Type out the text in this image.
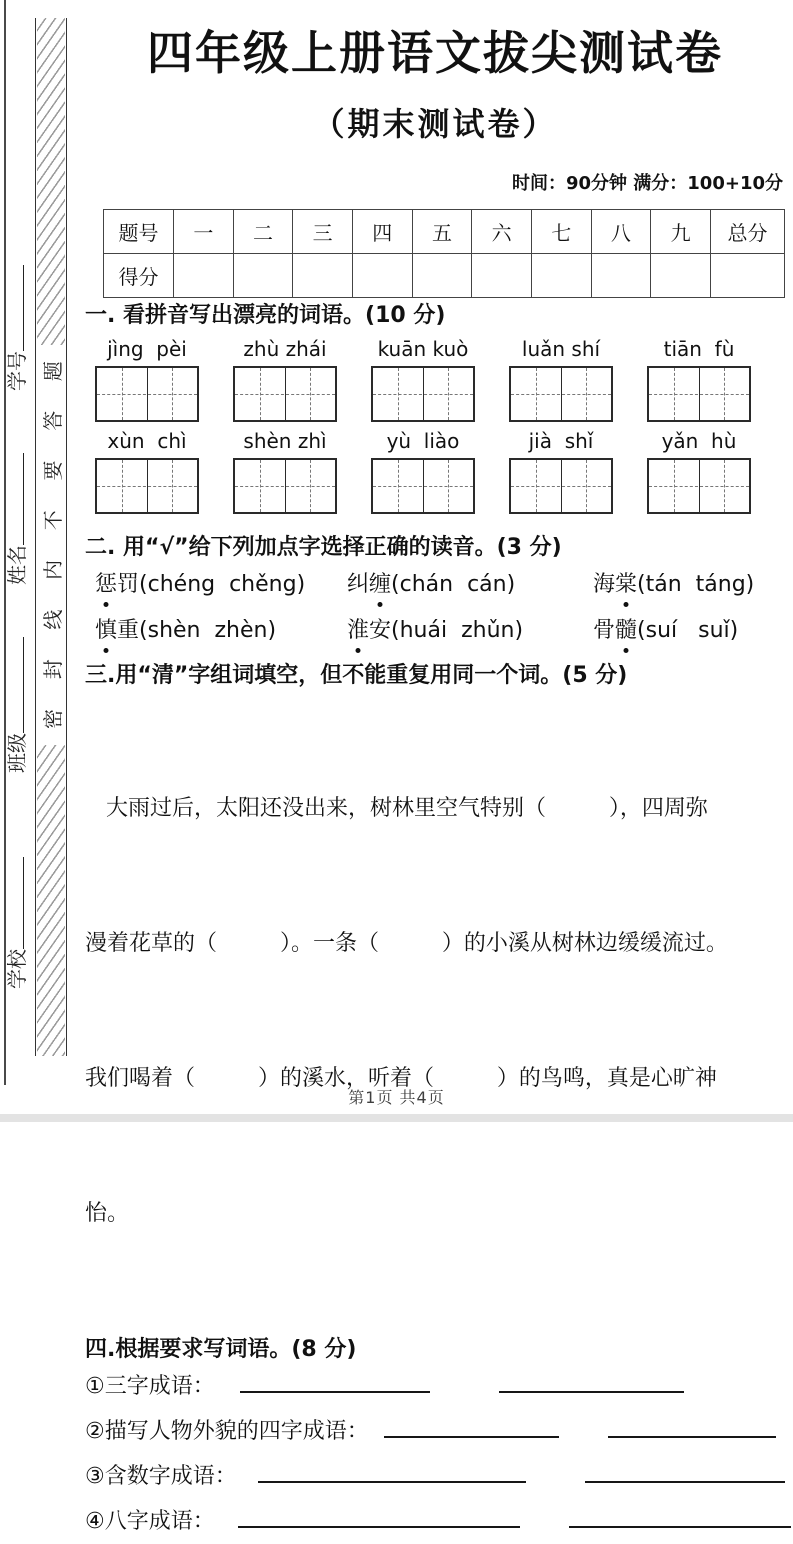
密
封
线
内
不
要
答
题
学校班级姓名学号
四年级上册语文拔尖测试卷
（期末测试卷）
时间：90分钟 满分：100+10分
题号	一	二	三	四	五	六	七	八	九	总分
得分										
一. 看拼音写出漂亮的词语。(10 分)
jìng  pèi	zhù zhái	kuān kuò	luǎn shí	tiān  fù
xùn  chì	shèn zhì	yù  liào	jià  shǐ	yǎn  hù
二. 用“√”给下列加点字选择正确的读音。(3 分)
惩罚(chéng  chěng)	纠缠(chán  cán)	海棠(tán  táng)
慎重(shèn  zhèn)	淮安(huái  zhǔn)	骨髓(suí   suǐ)
三.用“清”字组词填空，但不能重复用同一个词。(5 分)

大雨过后，太阳还没出来，树林里空气特别（         ），四周弥

漫着花草的（         ）。一条（         ）的小溪从树林边缓缓流过。

我们喝着（         ）的溪水，听着（         ）的鸟鸣，真是心旷神

怡。

四.根据要求写词语。(8 分)
①三字成语：
②描写人物外貌的四字成语：
③含数字成语：
④八字成语：
第1页 共4页
